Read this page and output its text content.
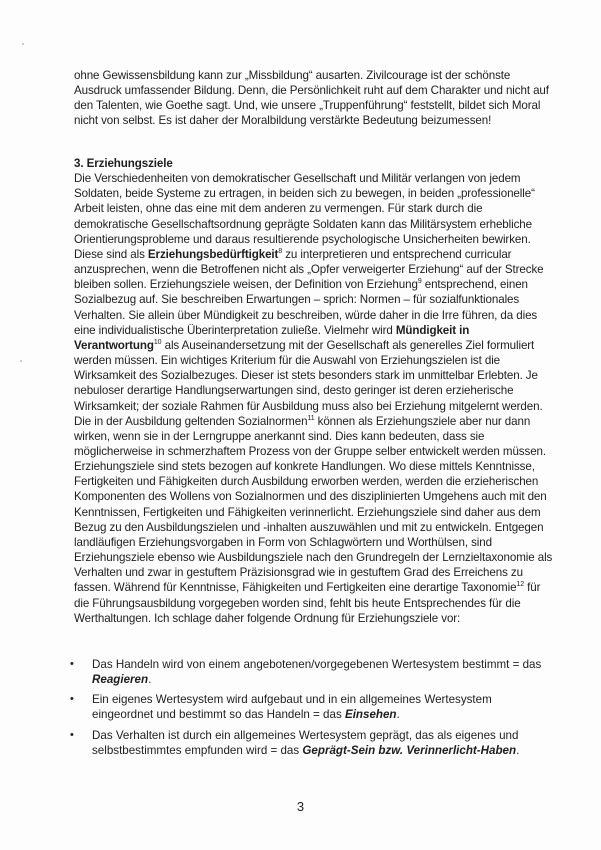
ohne Gewissensbildung kann zur „Missbildung“ ausarten. Zivilcourage ist der schönste Ausdruck umfassender Bildung. Denn, die Persönlichkeit ruht auf dem Charakter und nicht auf den Talenten, wie Goethe sagt. Und, wie unsere „Truppenführung“ feststellt, bildet sich Moral nicht von selbst. Es ist daher der Moralbildung verstärkte Bedeutung beizumessen!
3. Erziehungsziele
Die Verschiedenheiten von demokratischer Gesellschaft und Militär verlangen von jedem Soldaten, beide Systeme zu ertragen, in beiden sich zu bewegen, in beiden „professionelle“ Arbeit leisten, ohne das eine mit dem anderen zu vermengen. Für stark durch die demokratische Gesellschaftsordnung geprägte Soldaten kann das Militärsystem erhebliche Orientierungsprobleme und daraus resultierende psychologische Unsicherheiten bewirken. Diese sind als Erziehungsbedürftigkeit$^8$ zu interpretieren und entsprechend curricular anzusprechen, wenn die Betroffenen nicht als „Opfer verweigerter Erziehung“ auf der Strecke bleiben sollen. Erziehungsziele weisen, der Definition von Erziehung$^9$ entsprechend, einen Sozialbezug auf. Sie beschreiben Erwartungen – sprich: Normen – für sozialfunktionales Verhalten. Sie allein über Mündigkeit zu beschreiben, würde daher in die Irre führen, da dies eine individualistische Überinterpretation zuließe. Vielmehr wird Mündigkeit in Verantwortung$^{10}$ als Auseinandersetzung mit der Gesellschaft als generelles Ziel formuliert werden müssen. Ein wichtiges Kriterium für die Auswahl von Erziehungszielen ist die Wirksamkeit des Sozialbezuges. Dieser ist stets besonders stark im unmittelbar Erlebten. Je nebuloser derartige Handlungserwartungen sind, desto geringer ist deren erzieherische Wirksamkeit; der soziale Rahmen für Ausbildung muss also bei Erziehung mitgelernt werden. Die in der Ausbildung geltenden Sozialnormen$^{11}$ können als Erziehungsziele aber nur dann wirken, wenn sie in der Lerngruppe anerkannt sind. Dies kann bedeuten, dass sie möglicherweise in schmerzhaftem Prozess von der Gruppe selber entwickelt werden müssen. Erziehungsziele sind stets bezogen auf konkrete Handlungen. Wo diese mittels Kenntnisse, Fertigkeiten und Fähigkeiten durch Ausbildung erworben werden, werden die erzieherischen Komponenten des Wollens von Sozialnormen und des disziplinierten Umgehens auch mit den Kenntnissen, Fertigkeiten und Fähigkeiten verinnerlicht. Erziehungsziele sind daher aus dem Bezug zu den Ausbildungszielen und -inhalten auszuwählen und mit zu entwickeln. Entgegen landläufigen Erziehungsvorgaben in Form von Schlagwörtern und Worthülsen, sind Erziehungsziele ebenso wie Ausbildungsziele nach den Grundregeln der Lernzieltaxonomie als Verhalten und zwar in gestuftem Präzisionsgrad wie in gestuftem Grad des Erreichens zu fassen. Während für Kenntnisse, Fähigkeiten und Fertigkeiten eine derartige Taxonomie$^{12}$ für die Führungsausbildung vorgegeben worden sind, fehlt bis heute Entsprechendes für die Werthaltungen. Ich schlage daher folgende Ordnung für Erziehungsziele vor:
• Das Handeln wird von einem angebotenen/vorgegebenen Wertesystem bestimmt = das Reagieren.
• Ein eigenes Wertesystem wird aufgebaut und in ein allgemeines Wertesystem eingeordnet und bestimmt so das Handeln = das Einsehen.
• Das Verhalten ist durch ein allgemeines Wertesystem geprägt, das als eigenes und selbstbestimmtes empfunden wird = das Geprägt-Sein bzw. Verinnerlicht-Haben.
3
